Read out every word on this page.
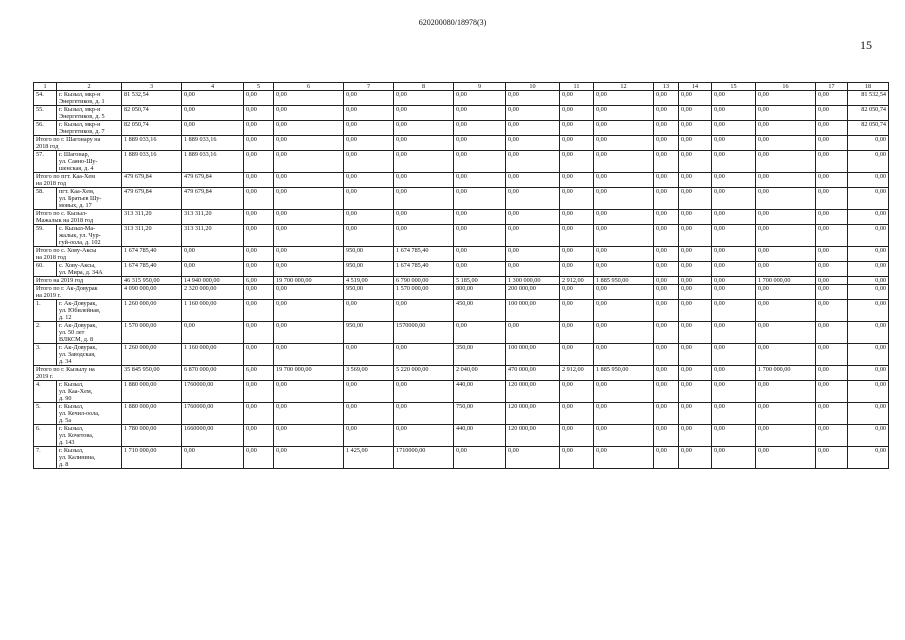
620200080/18978(3)
15
1	2	3	4	5	6	7	8	9	10	11	12	13	14	15	16	17	18
54.	г. Кызыл, мкр-н
Энергетиков, д. 1	81 532,54	0,00	0,00	0,00	0,00	0,00	0,00	0,00	0,00	0,00	0,00	0,00	0,00	0,00	0,00	81 532,54
55.	г. Кызыл, мкр-н
Энергетиков, д. 5	82 050,74	0,00	0,00	0,00	0,00	0,00	0,00	0,00	0,00	0,00	0,00	0,00	0,00	0,00	0,00	82 050,74
56.	г. Кызыл, мкр-н
Энергетиков, д. 7	82 050,74	0,00	0,00	0,00	0,00	0,00	0,00	0,00	0,00	0,00	0,00	0,00	0,00	0,00	0,00	82 050,74
Итого по г. Шагонару на
2018 год		1 889 033,16	1 889 033,16	0,00	0,00	0,00	0,00	0,00	0,00	0,00	0,00	0,00	0,00	0,00	0,00	0,00	0,00
57.	г. Шагонар,
ул. Саяно-Шу-
шенская, д. 4	1 889 033,16	1 889 033,16	0,00	0,00	0,00	0,00	0,00	0,00	0,00	0,00	0,00	0,00	0,00	0,00	0,00	0,00
Итого по пгт. Каа-Хем
на 2018 год		479 679,84	479 679,84	0,00	0,00	0,00	0,00	0,00	0,00	0,00	0,00	0,00	0,00	0,00	0,00	0,00	0,00
58.	пгт. Каа-Хем,
ул. Братьев Шу-
мовых, д. 17	479 679,84	479 679,84	0,00	0,00	0,00	0,00	0,00	0,00	0,00	0,00	0,00	0,00	0,00	0,00	0,00	0,00
Итого по с. Кызыл-
Мажалык на 2018 год		313 311,20	313 311,20	0,00	0,00	0,00	0,00	0,00	0,00	0,00	0,00	0,00	0,00	0,00	0,00	0,00	0,00
59.	с. Кызыл-Ма-
жалык, ул. Чур-
гуй-оола, д. 102	313 311,20	313 311,20	0,00	0,00	0,00	0,00	0,00	0,00	0,00	0,00	0,00	0,00	0,00	0,00	0,00	0,00
Итого по с. Хову-Аксы
на 2018 год		1 674 785,40	0,00	0,00	0,00	950,00	1 674 785,40	0,00	0,00	0,00	0,00	0,00	0,00	0,00	0,00	0,00	0,00
60.	с. Хову-Аксы,
ул. Мира, д. 34А	1 674 785,40	0,00	0,00	0,00	950,00	1 674 785,40	0,00	0,00	0,00	0,00	0,00	0,00	0,00	0,00	0,00	0,00
Итого на 2019 год		46 315 950,00	14 940 000,00	6,00	19 700 000,00	4 519,00	6 790 000,00	5 185,00	1 300 000,00	2 912,00	1 885 950,00	0,00	0,00	0,00	1 700 000,00	0,00	0,00
Итого по г. Ак-Довурак
на 2019 г.		4 090 000,00	2 320 000,00	0,00	0,00	950,00	1 570 000,00	800,00	200 000,00	0,00	0,00	0,00	0,00	0,00	0,00	0,00	0,00
1.	г. Ак-Довурак,
ул. Юбилейная,
д. 12	1 260 000,00	1 160 000,00	0,00	0,00	0,00	0,00	450,00	100 000,00	0,00	0,00	0,00	0,00	0,00	0,00	0,00	0,00
2.	г. Ак-Довурак,
ул. 50 лет
ВЛКСМ, д. 8	1 570 000,00	0,00	0,00	0,00	950,00	1570000,00	0,00	0,00	0,00	0,00	0,00	0,00	0,00	0,00	0,00	0,00
3.	г. Ак-Довурак,
ул. Заводская,
д. 34	1 260 000,00	1 160 000,00	0,00	0,00	0,00	0,00	350,00	100 000,00	0,00	0,00	0,00	0,00	0,00	0,00	0,00	0,00
Итого по г. Кызылу на
2019 г.		35 845 950,00	6 870 000,00	6,00	19 700 000,00	3 569,00	5 220 000,00	2 040,00	470 000,00	2 912,00	1 885 950,00	0,00	0,00	0,00	1 700 000,00	0,00	0,00
4.	г. Кызыл,
ул. Каа-Хем,
д. 90	1 880 000,00	1760000,00	0,00	0,00	0,00	0,00	440,00	120 000,00	0,00	0,00	0,00	0,00	0,00	0,00	0,00	0,00
5.	г. Кызыл,
ул. Кечил-оола,
д. 5а	1 880 000,00	1760000,00	0,00	0,00	0,00	0,00	750,00	120 000,00	0,00	0,00	0,00	0,00	0,00	0,00	0,00	0,00
6.	г. Кызыл,
ул. Кочетова,
д. 143	1 780 000,00	1660000,00	0,00	0,00	0,00	0,00	440,00	120 000,00	0,00	0,00	0,00	0,00	0,00	0,00	0,00	0,00
7.	г. Кызыл,
ул. Калинина,
д. 8	1 710 000,00	0,00	0,00	0,00	1 425,00	1710000,00	0,00	0,00	0,00	0,00	0,00	0,00	0,00	0,00	0,00	0,00
